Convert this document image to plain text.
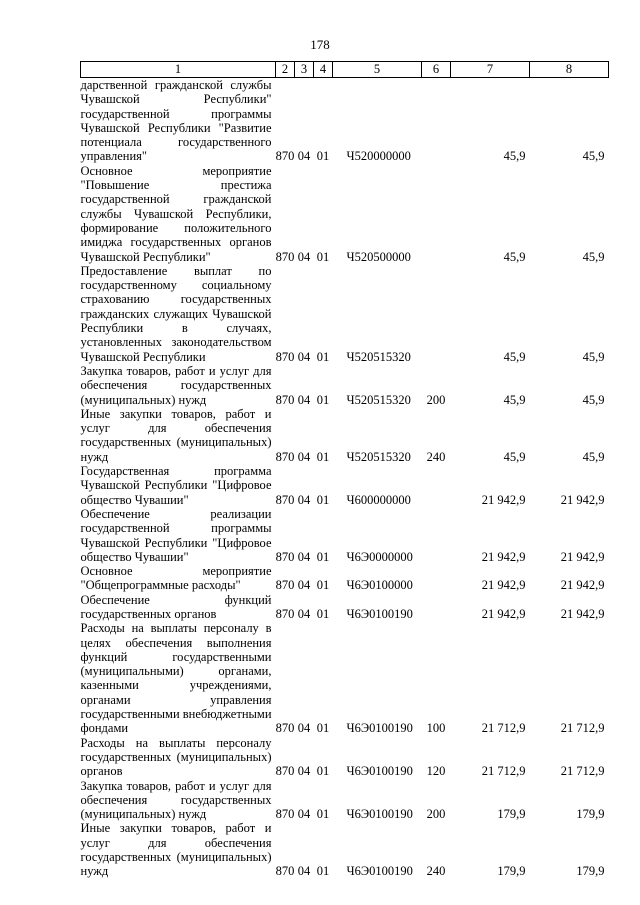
178
1	2	3	4	5	6	7	8
дарственной гражданской службы Чувашской Республики" государственной программы Чувашской Республики "Развитие потенциала государственного управления"	870	04	01	Ч520000000		45,9	45,9
Основное мероприятие "Повышение престижа государственной гражданской службы Чувашской Республики, формирование положительного имиджа государственных органов Чувашской Республики"	870	04	01	Ч520500000		45,9	45,9
Предоставление выплат по государственному социальному страхованию государственных гражданских служащих Чувашской Республики в случаях, установленных законодательством Чувашской Республики	870	04	01	Ч520515320		45,9	45,9
Закупка товаров, работ и услуг для обеспечения государственных (муниципальных) нужд	870	04	01	Ч520515320	200	45,9	45,9
Иные закупки товаров, работ и услуг для обеспечения государственных (муниципальных) нужд	870	04	01	Ч520515320	240	45,9	45,9
Государственная программа Чувашской Республики "Цифровое общество Чувашии"	870	04	01	Ч600000000		21 942,9	21 942,9
Обеспечение реализации государственной программы Чувашской Республики "Цифровое общество Чувашии"	870	04	01	Ч6Э0000000		21 942,9	21 942,9
Основное мероприятие "Общепрограммные расходы"	870	04	01	Ч6Э0100000		21 942,9	21 942,9
Обеспечение функций государственных органов	870	04	01	Ч6Э0100190		21 942,9	21 942,9
Расходы на выплаты персоналу в целях обеспечения выполнения функций государственными (муниципальными) органами, казенными учреждениями, органами управления государственными внебюджетными фондами	870	04	01	Ч6Э0100190	100	21 712,9	21 712,9
Расходы на выплаты персоналу государственных (муниципальных) органов	870	04	01	Ч6Э0100190	120	21 712,9	21 712,9
Закупка товаров, работ и услуг для обеспечения государственных (муниципальных) нужд	870	04	01	Ч6Э0100190	200	179,9	179,9
Иные закупки товаров, работ и услуг для обеспечения государственных (муниципальных) нужд	870	04	01	Ч6Э0100190	240	179,9	179,9
